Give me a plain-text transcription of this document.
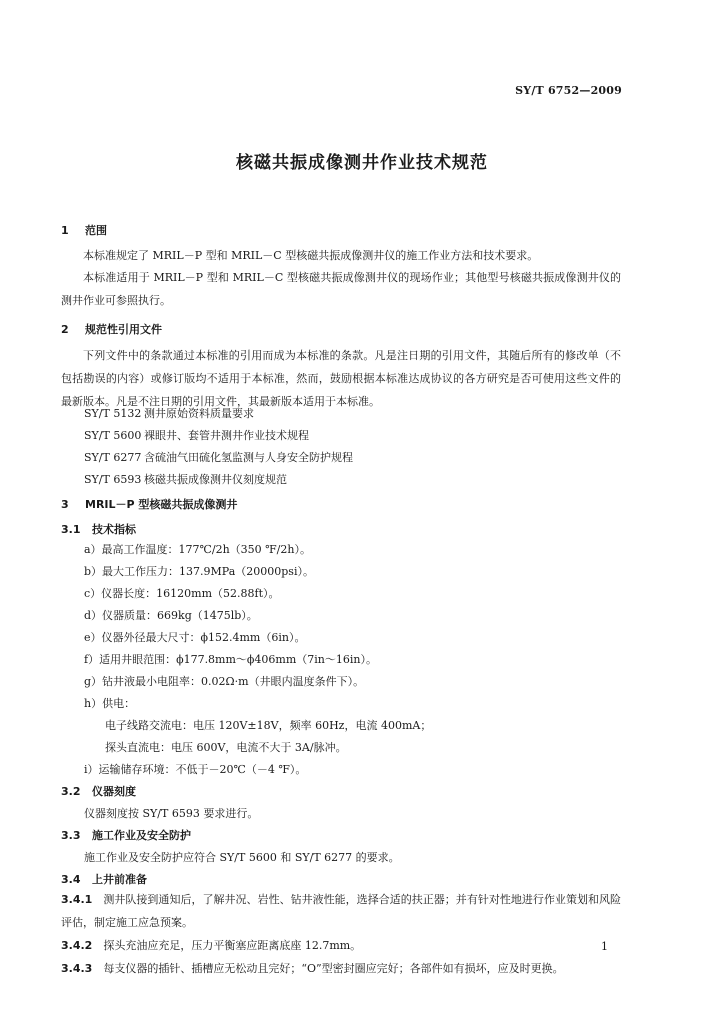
SY/T 6752—2009
核磁共振成像测井作业技术规范
1 范围
本标准规定了 MRIL－P 型和 MRIL－C 型核磁共振成像测井仪的施工作业方法和技术要求。
本标准适用于 MRIL－P 型和 MRIL－C 型核磁共振成像测井仪的现场作业；其他型号核磁共振成像测井仪的测井作业可参照执行。
2 规范性引用文件
下列文件中的条款通过本标准的引用而成为本标准的条款。凡是注日期的引用文件，其随后所有的修改单（不包括勘误的内容）或修订版均不适用于本标准，然而，鼓励根据本标准达成协议的各方研究是否可使用这些文件的最新版本。凡是不注日期的引用文件，其最新版本适用于本标准。
SY/T 5132 测井原始资料质量要求
SY/T 5600 裸眼井、套管井测井作业技术规程
SY/T 6277 含硫油气田硫化氢监测与人身安全防护规程
SY/T 6593 核磁共振成像测井仪刻度规范
3 MRIL－P 型核磁共振成像测井
3.1 技术指标
a）最高工作温度：177℃/2h（350 ℉/2h）。
b）最大工作压力：137.9MPa（20000psi）。
c）仪器长度：16120mm（52.88ft）。
d）仪器质量：669kg（1475lb）。
e）仪器外径最大尺寸：ϕ152.4mm（6in）。
f）适用井眼范围：ϕ177.8mm～ϕ406mm（7in～16in）。
g）钻井液最小电阻率：0.02Ω·m（井眼内温度条件下）。
h）供电：
电子线路交流电：电压 120V±18V，频率 60Hz，电流 400mA；
探头直流电：电压 600V，电流不大于 3A/脉冲。
i）运输储存环境：不低于－20℃（－4 ℉）。
3.2 仪器刻度
仪器刻度按 SY/T 6593 要求进行。
3.3 施工作业及安全防护
施工作业及安全防护应符合 SY/T 5600 和 SY/T 6277 的要求。
3.4 上井前准备
3.4.1　 测井队接到通知后，了解井况、岩性、钻井液性能，选择合适的扶正器；并有针对性地进行作业策划和风险评估，制定施工应急预案。
3.4.2　 探头充油应充足，压力平衡塞应距离底座 12.7mm。
3.4.3　 每支仪器的插针、插槽应无松动且完好；“O”型密封圈应完好；各部件如有损坏，应及时更换。
1
